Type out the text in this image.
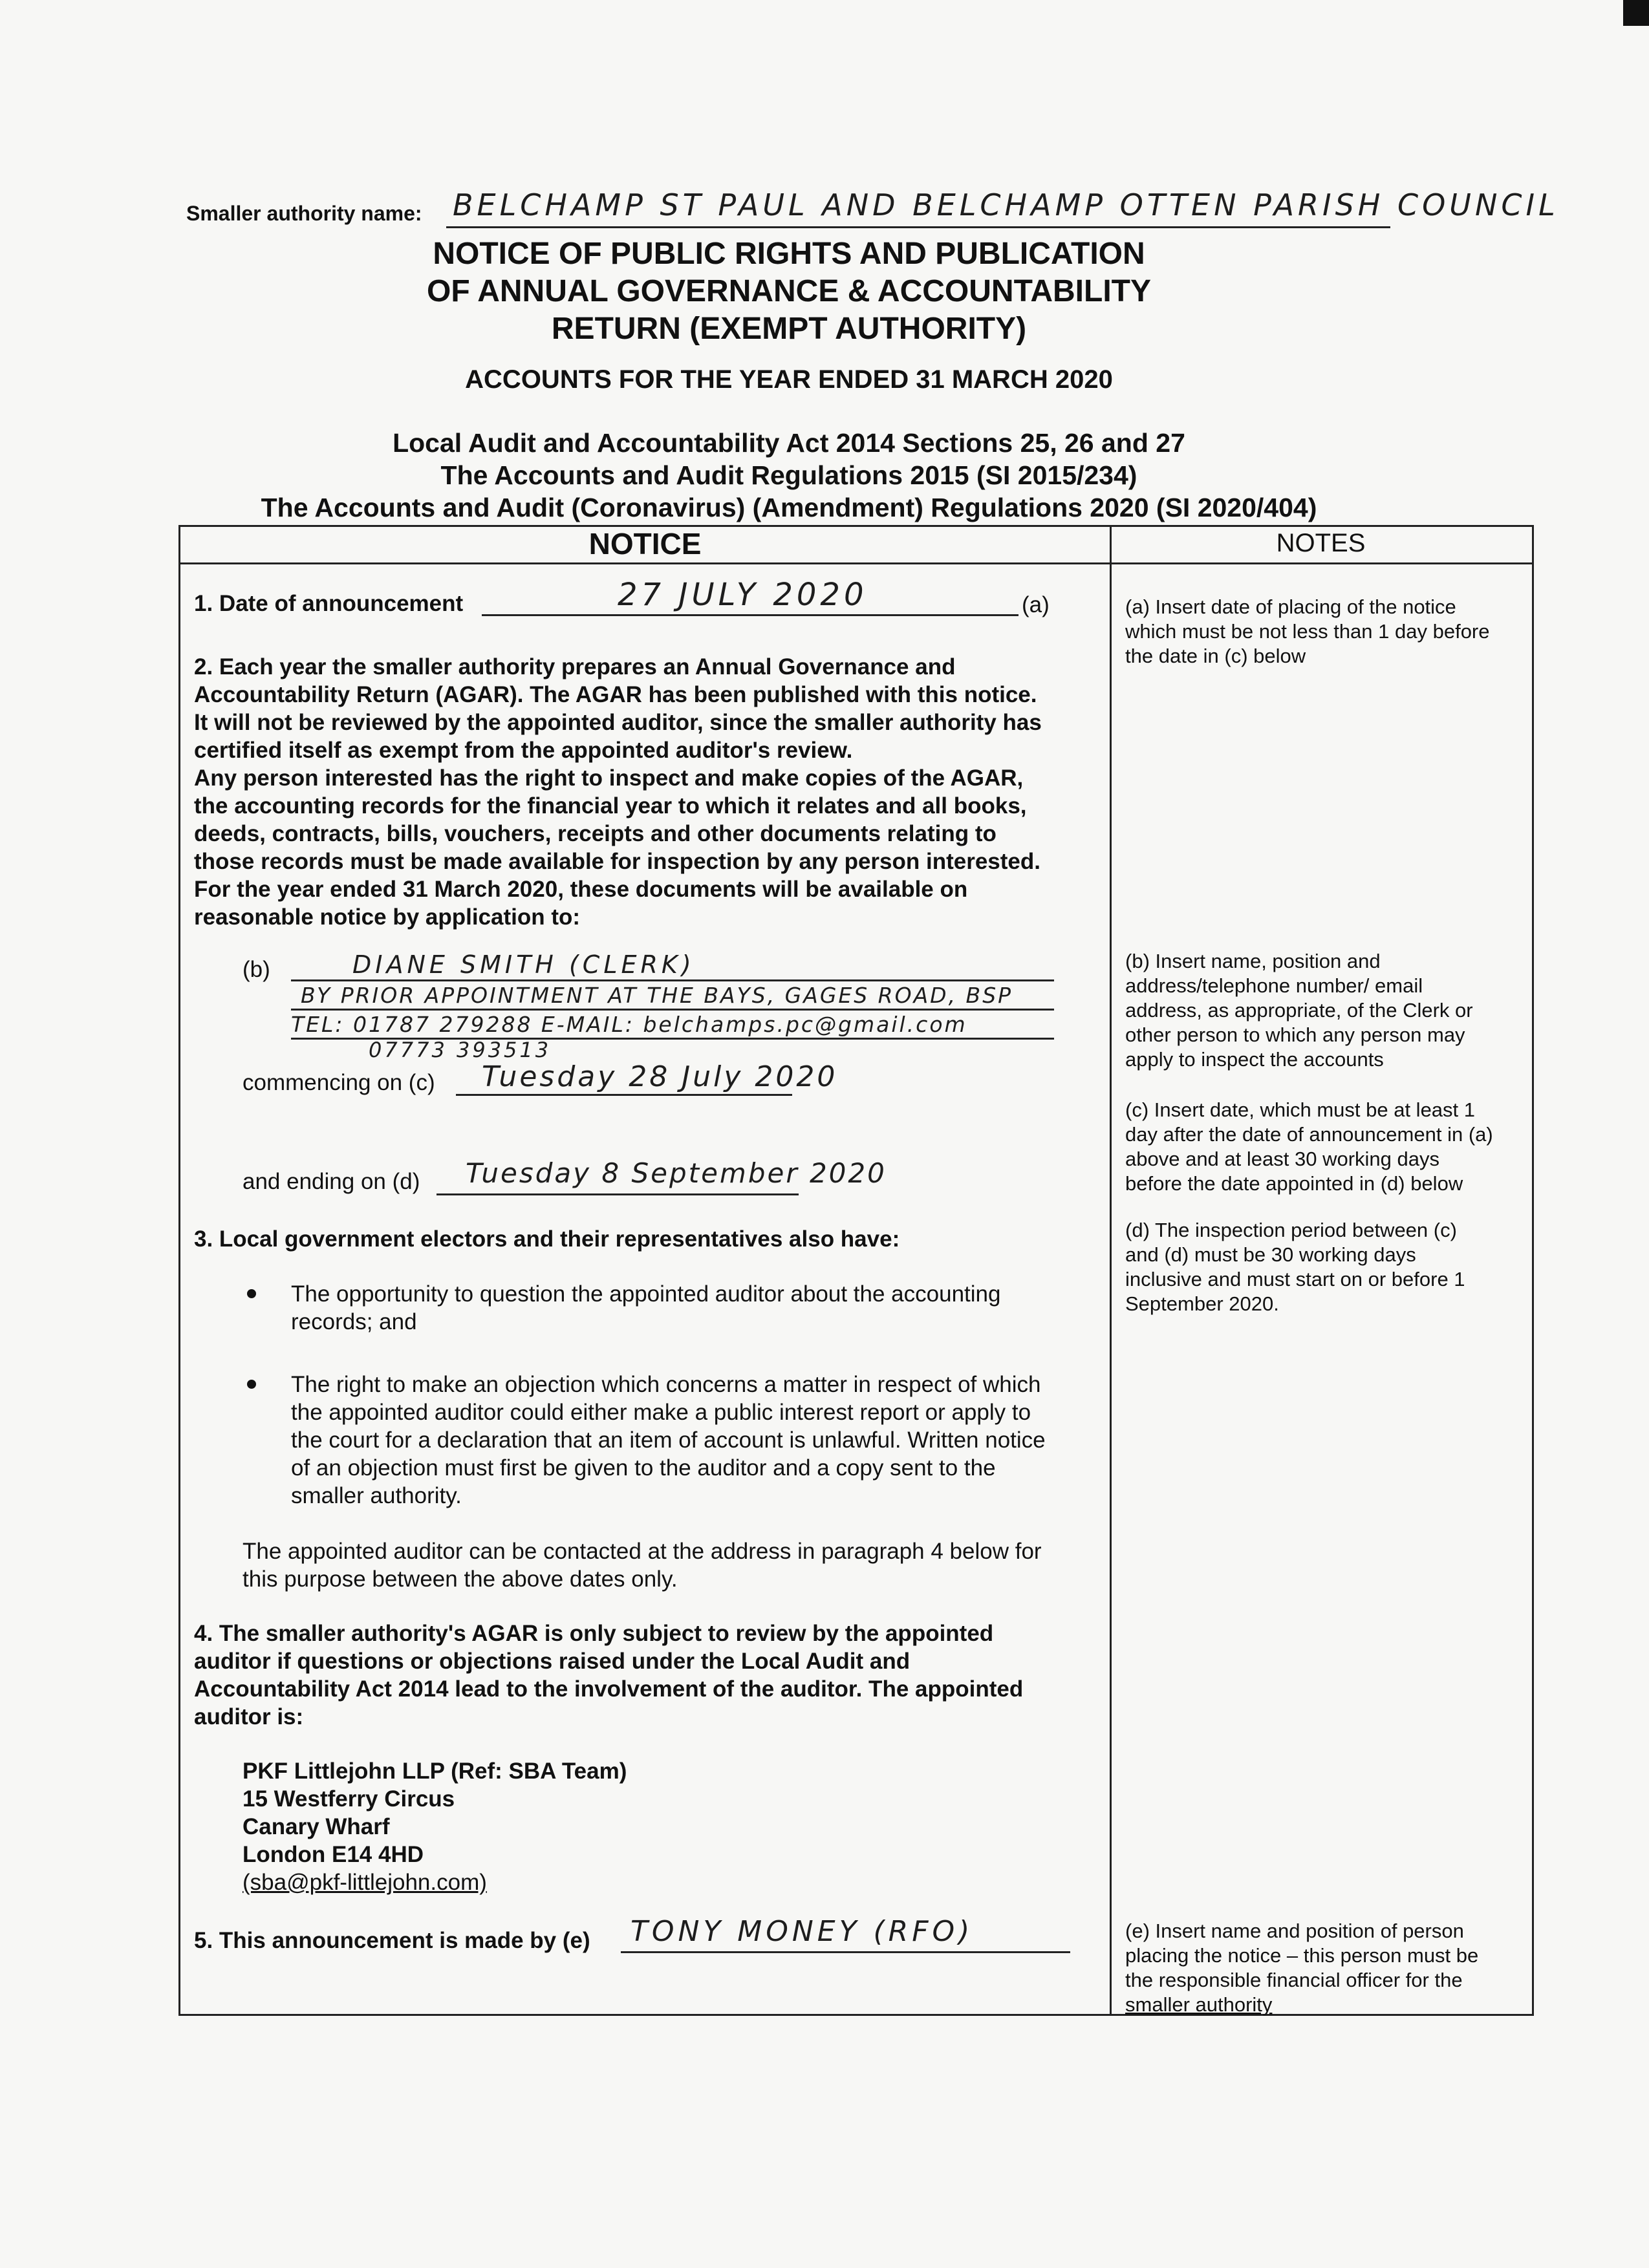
Smaller authority name: BELCHAMP ST PAUL AND BELCHAMP OTTEN PARISH COUNCIL
NOTICE OF PUBLIC RIGHTS AND PUBLICATION
OF ANNUAL GOVERNANCE & ACCOUNTABILITY
RETURN (EXEMPT AUTHORITY)
ACCOUNTS FOR THE YEAR ENDED 31 MARCH 2020
Local Audit and Accountability Act 2014 Sections 25, 26 and 27
The Accounts and Audit Regulations 2015 (SI 2015/234)
The Accounts and Audit (Coronavirus) (Amendment) Regulations 2020 (SI 2020/404)
NOTICE	NOTES
1. Date of announcement	27 JULY 2020	(a)
2. Each year the smaller authority prepares an Annual Governance and
Accountability Return (AGAR). The AGAR has been published with this notice.
It will not be reviewed by the appointed auditor, since the smaller authority has
certified itself as exempt from the appointed auditor's review.
Any person interested has the right to inspect and make copies of the AGAR,
the accounting records for the financial year to which it relates and all books,
deeds, contracts, bills, vouchers, receipts and other documents relating to
those records must be made available for inspection by any person interested.
For the year ended 31 March 2020, these documents will be available on
reasonable notice by application to:
(b)	DIANE SMITH (CLERK)
BY PRIOR APPOINTMENT AT THE BAYS, GAGES ROAD, BSP
TEL: 01787 279288 E-MAIL: belchamps.pc@gmail.com
07773 393513
commencing on (c) Tuesday 28 July 2020
and ending on (d) Tuesday 8 September 2020
3. Local government electors and their representatives also have:
The opportunity to question the appointed auditor about the accounting
records; and
The right to make an objection which concerns a matter in respect of which
the appointed auditor could either make a public interest report or apply to
the court for a declaration that an item of account is unlawful. Written notice
of an objection must first be given to the auditor and a copy sent to the
smaller authority.
The appointed auditor can be contacted at the address in paragraph 4 below for
this purpose between the above dates only.
4. The smaller authority's AGAR is only subject to review by the appointed
auditor if questions or objections raised under the Local Audit and
Accountability Act 2014 lead to the involvement of the auditor. The appointed
auditor is:
PKF Littlejohn LLP (Ref: SBA Team)
15 Westferry Circus
Canary Wharf
London E14 4HD
(sba@pkf-littlejohn.com)
5. This announcement is made by (e) TONY MONEY (RFO)
(a) Insert date of placing of the notice
which must be not less than 1 day before
the date in (c) below
(b) Insert name, position and
address/telephone number/ email
address, as appropriate, of the Clerk or
other person to which any person may
apply to inspect the accounts
(c) Insert date, which must be at least 1
day after the date of announcement in (a)
above and at least 30 working days
before the date appointed in (d) below
(d) The inspection period between (c)
and (d) must be 30 working days
inclusive and must start on or before 1
September 2020.
(e) Insert name and position of person
placing the notice – this person must be
the responsible financial officer for the
smaller authority
